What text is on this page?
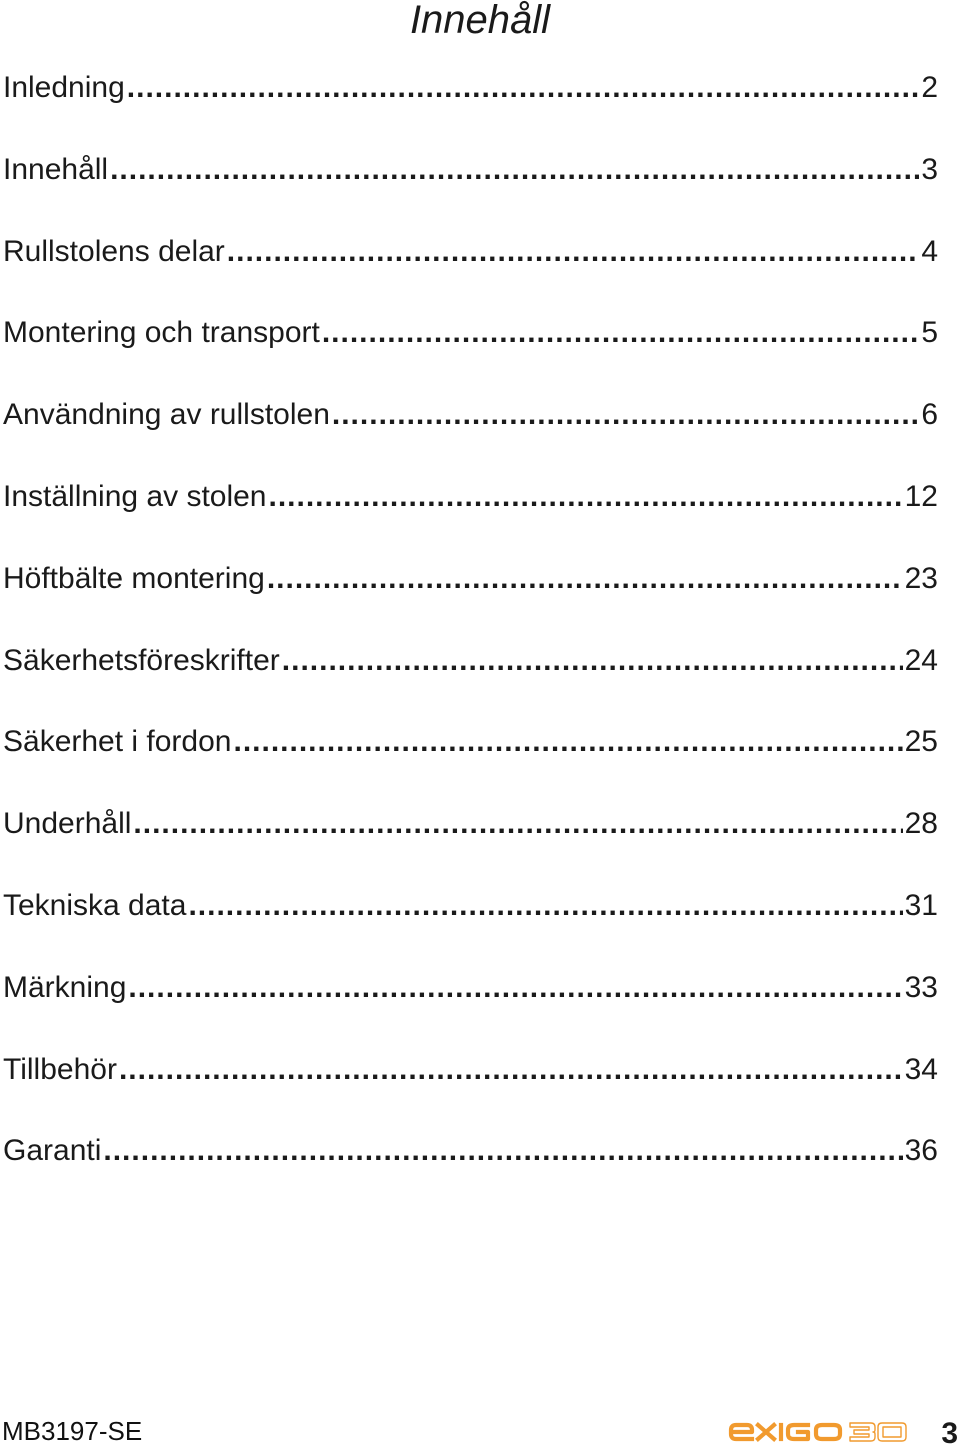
Innehåll
Inledning .....	2
Innehåll .....	3
Rullstolens delar .....	4
Montering och transport .....	5
Användning av rullstolen .....	6
Inställning av stolen .....	12
Höftbälte montering .....	23
Säkerhetsföreskrifter .....	24
Säkerhet i fordon .....	25
Underhåll .....	28
Tekniska data .....	31
Märkning .....	33
Tillbehör .....	34
Garanti .....	36
MB3197-SE	3
